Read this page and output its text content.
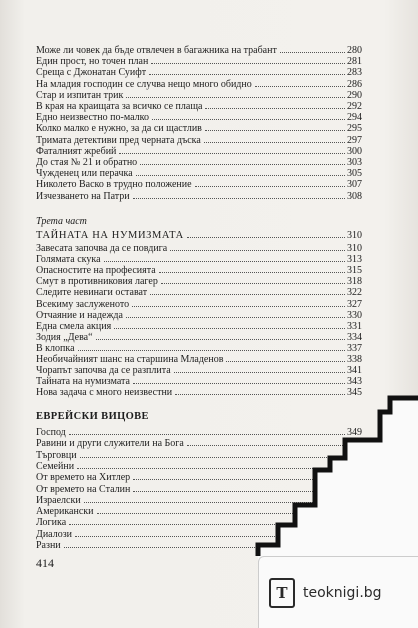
Може ли човек да бъде отвлечен в багажника на трабант	280
Един прост, но точен план	281
Среща с Джонатан Суифт	283
На младия господин се случва нещо много обидно	286
Стар и изпитан трик	290
В края на краищата за всичко се плаща	292
Едно неизвестно по-малко	294
Колко малко е нужно, за да си щастлив	295
Тримата детективи пред черната дъска	297
Фаталният жребий	300
До стая № 21 и обратно	303
Чужденец или перачка	305
Николето Васко в трудно положение	307
Изчезването на Патри	308
Трета част
ТАЙНАТА НА НУМИЗМАТА	310
Завесата започва да се повдига	310
Голямата скука	313
Опасностите на професията	315
Смут в противниковия лагер	318
Следите невинаги остават	322
Всекиму заслуженото	327
Отчаяние и надежда	330
Една смела акция	331
Зодия „Дева“	334
В клопка	337
Необичайният шанс на старшина Младенов	338
Чорапът започва да се разплита	341
Тайната на нумизмата	343
Нова задача с много неизвестни	345
ЕВРЕЙСКИ ВИЦОВЕ
Господ	349
Равини и други служители на Бога
Търговци
Семейни
От времето на Хитлер
От времето на Сталин
Израелски
Американски
Логика
Диалози
Разни
414
T	teoknigi.bg
